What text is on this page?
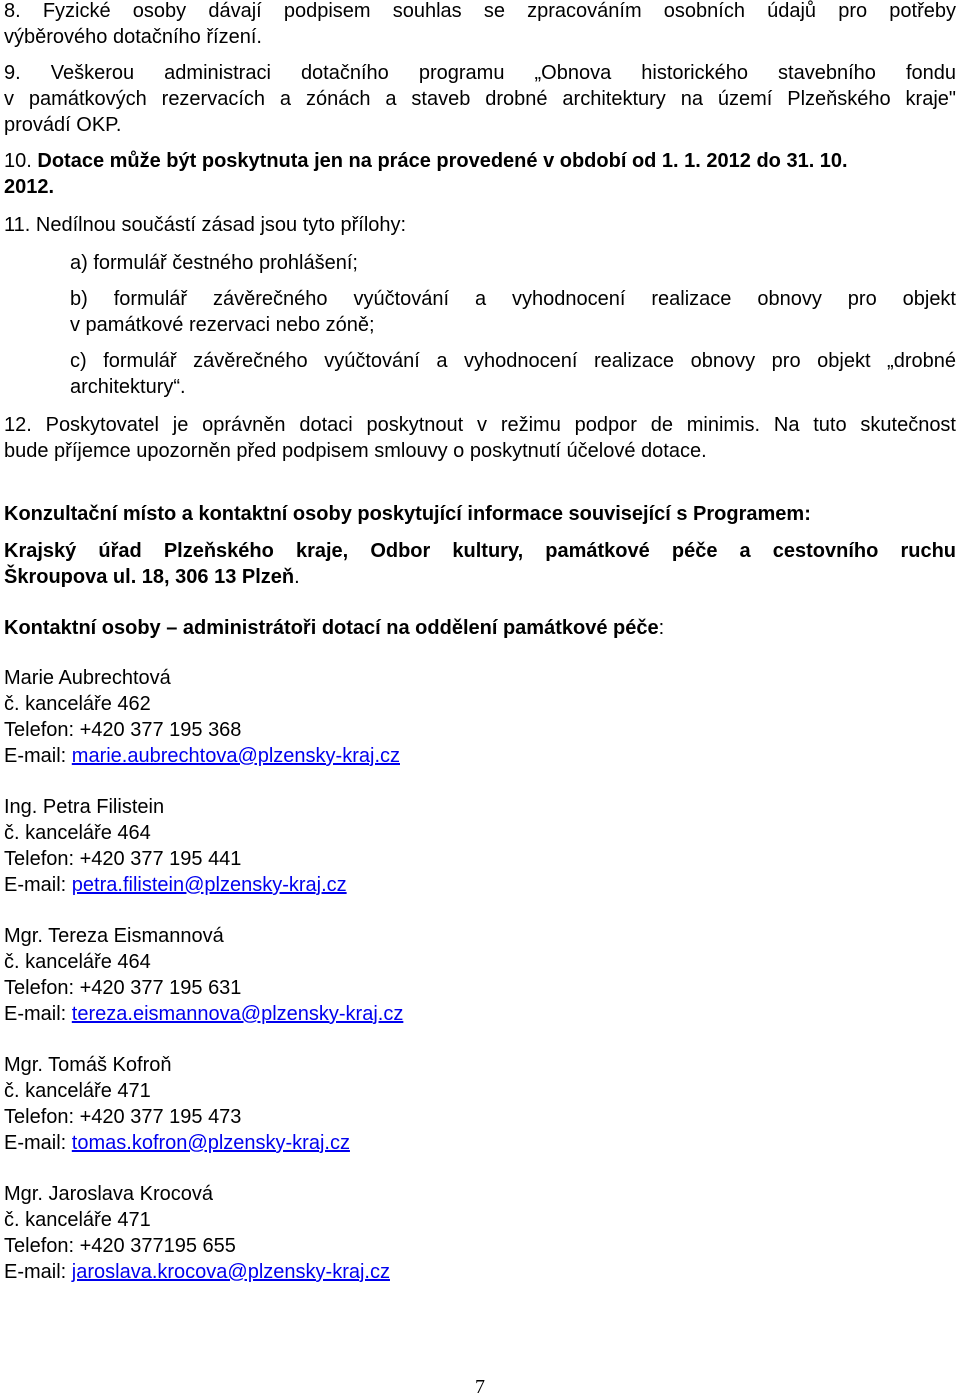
8. Fyzické osoby dávají podpisem souhlas se zpracováním osobních údajů pro potřeby
výběrového dotačního řízení.
9. Veškerou administraci dotačního programu „Obnova historického stavebního fondu
v památkových rezervacích a zónách a staveb drobné architektury na území Plzeňského kraje"
provádí OKP.
10. Dotace může být poskytnuta jen na práce provedené v období od 1. 1. 2012 do 31. 10.
2012.
11. Nedílnou součástí zásad jsou tyto přílohy:
a) formulář čestného prohlášení;
b) formulář závěrečného vyúčtování a vyhodnocení realizace obnovy pro objekt
v památkové rezervaci nebo zóně;
c) formulář závěrečného vyúčtování a vyhodnocení realizace obnovy pro objekt „drobné
architektury“.
12. Poskytovatel je oprávněn dotaci poskytnout v režimu podpor de minimis. Na tuto skutečnost
bude příjemce upozorněn před podpisem smlouvy o poskytnutí účelové dotace.
Konzultační místo a kontaktní osoby poskytující informace související s Programem:
Krajský úřad Plzeňského kraje, Odbor kultury, památkové péče a cestovního ruchu
Škroupova ul. 18, 306 13 Plzeň.
Kontaktní osoby – administrátoři dotací na oddělení památkové péče:
Marie Aubrechtová
č. kanceláře 462
Telefon: +420 377 195 368
E-mail: marie.aubrechtova@plzensky-kraj.cz
Ing. Petra Filistein
č. kanceláře 464
Telefon: +420 377 195 441
E-mail: petra.filistein@plzensky-kraj.cz
Mgr. Tereza Eismannová
č. kanceláře 464
Telefon: +420 377 195 631
E-mail: tereza.eismannova@plzensky-kraj.cz
Mgr. Tomáš Kofroň
č. kanceláře 471
Telefon: +420 377 195 473
E-mail: tomas.kofron@plzensky-kraj.cz
Mgr. Jaroslava Krocová
č. kanceláře 471
Telefon: +420 377195 655
E-mail: jaroslava.krocova@plzensky-kraj.cz
7
